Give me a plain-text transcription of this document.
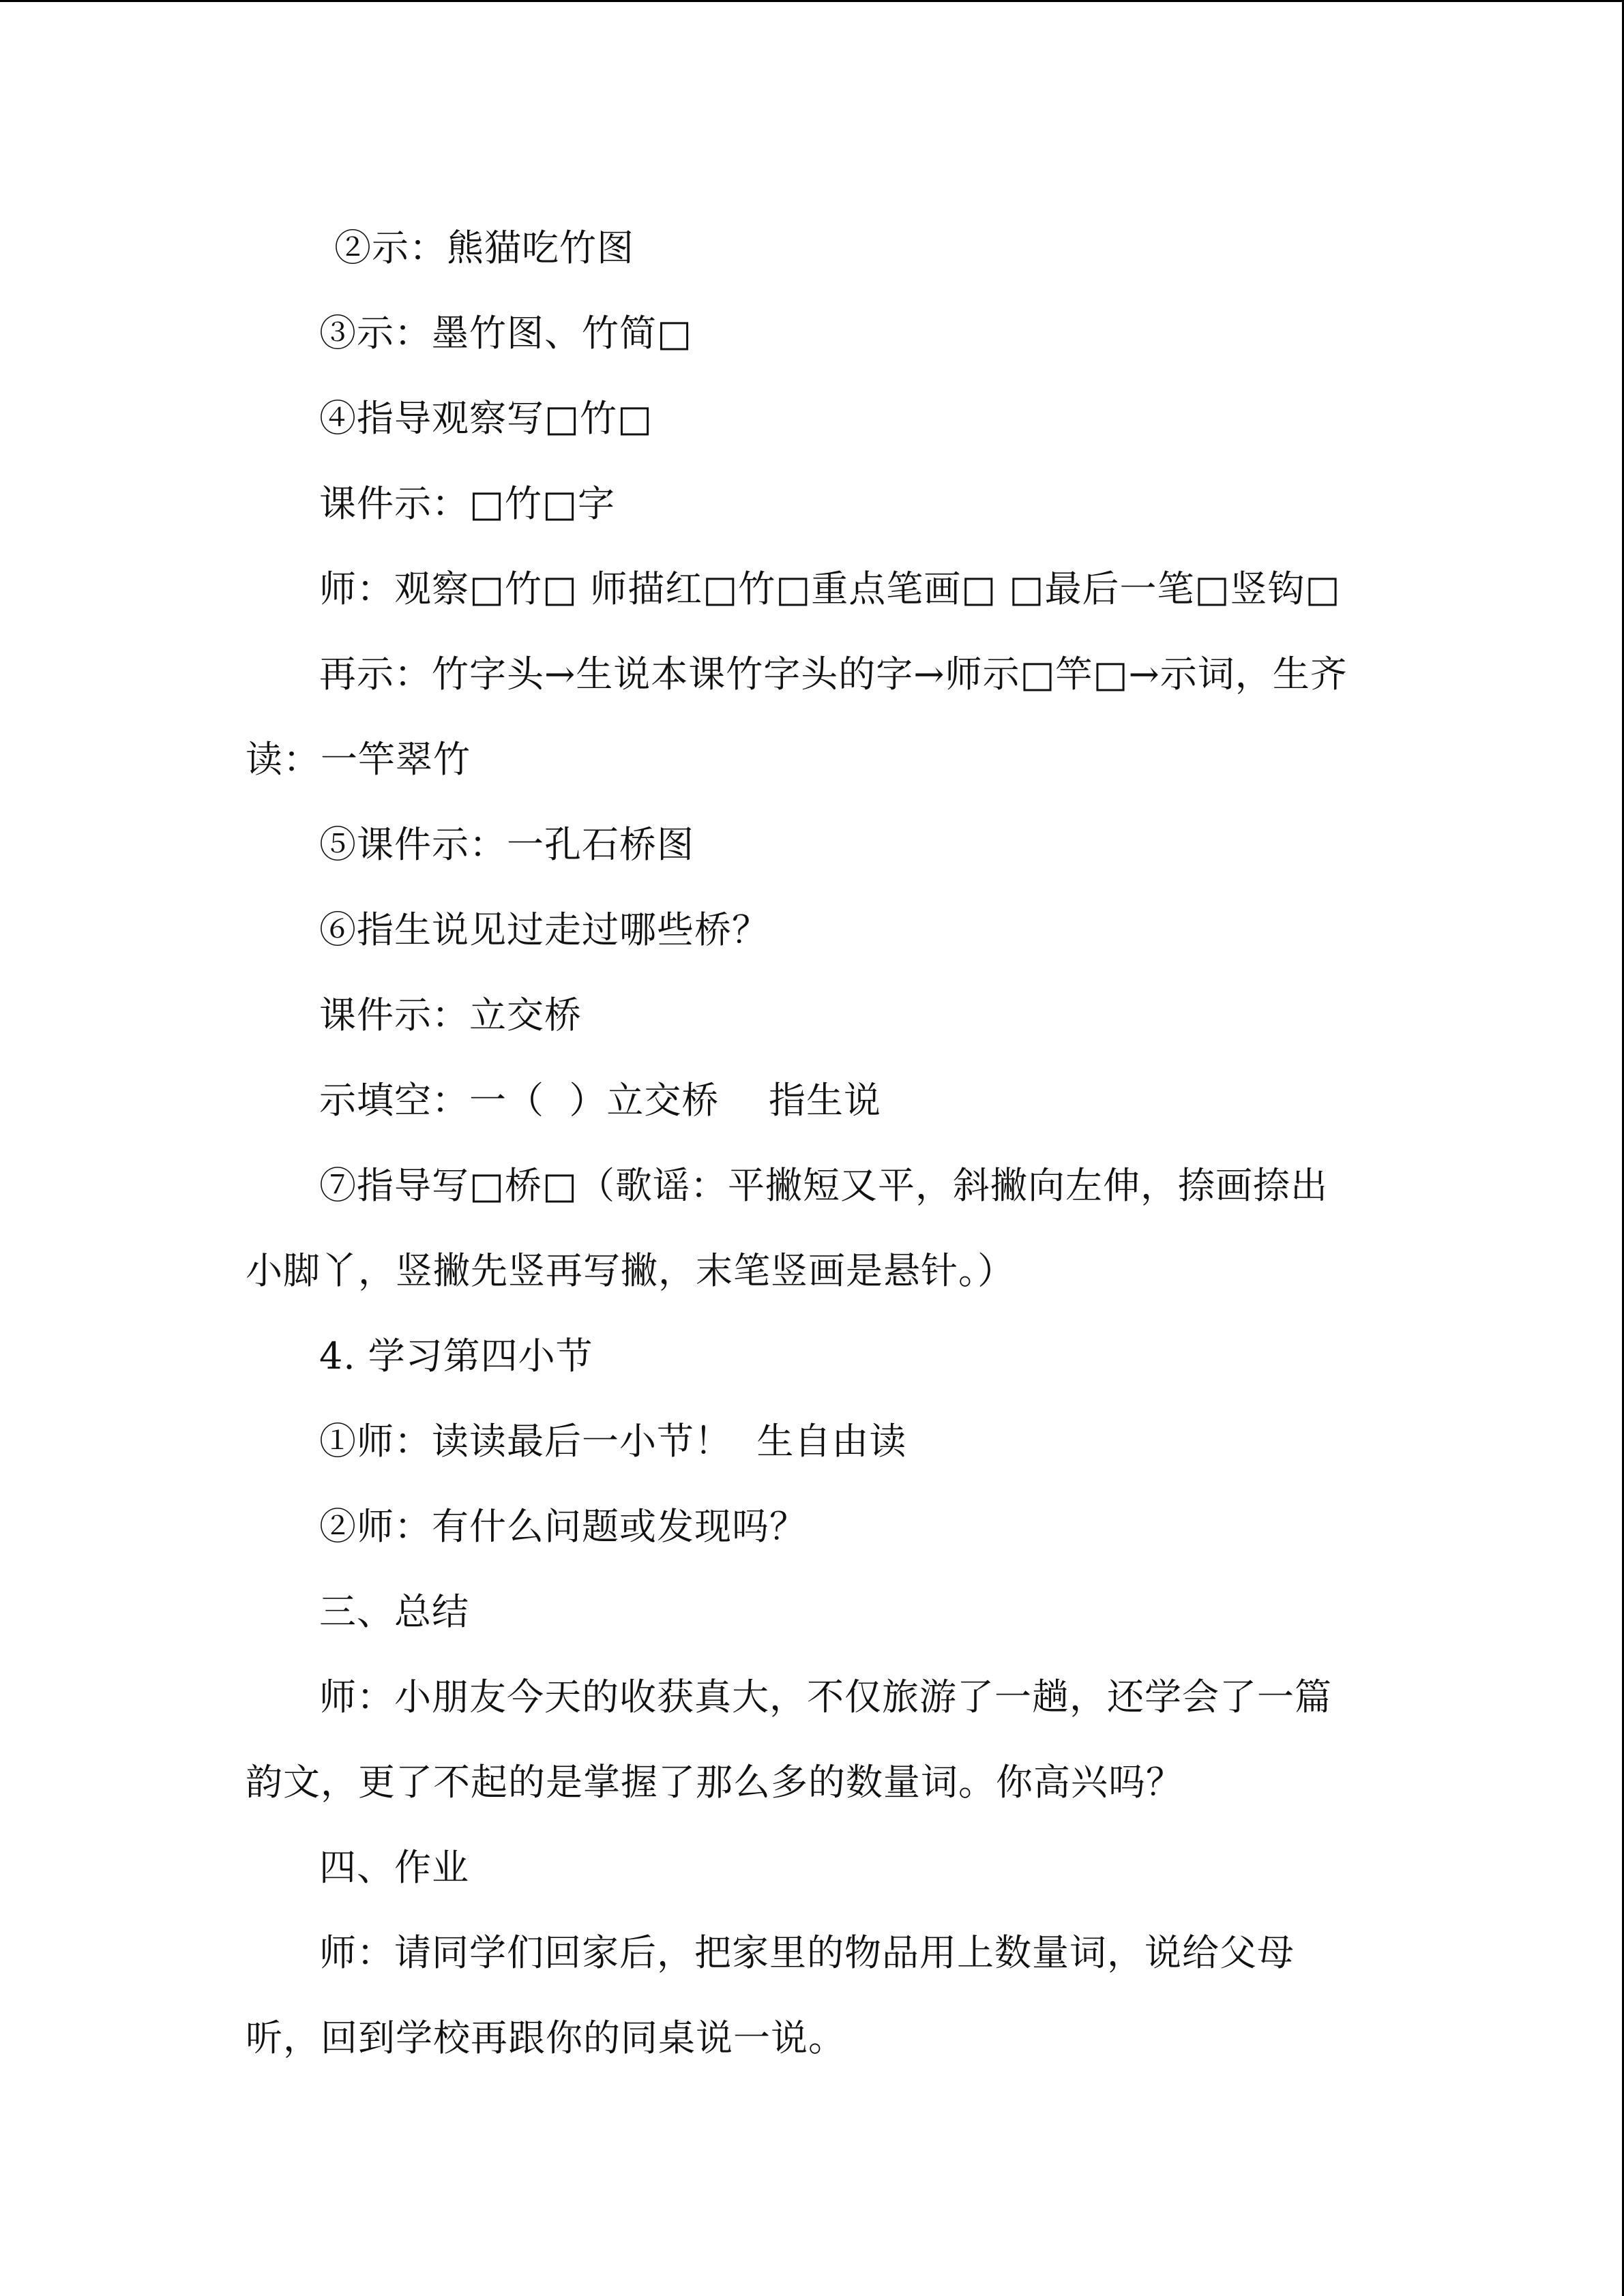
②示：熊猫吃竹图

③示：墨竹图、竹简□

④指导观察写□竹□

课件示：□竹□字

师：观察□竹□ 师描红□竹□重点笔画□ □最后一笔□竖钩□

再示：竹字头→生说本课竹字头的字→师示□竿□→示词，生齐读：一竿翠竹

⑤课件示：一孔石桥图

⑥指生说见过走过哪些桥？

课件示：立交桥

示填空：一（  ）立交桥    指生说

⑦指导写□桥□（歌谣：平撇短又平，斜撇向左伸，捺画捺出小脚丫，竖撇先竖再写撇，末笔竖画是悬针。）

4. 学习第四小节

①师：读读最后一小节！  生自由读

②师：有什么问题或发现吗？

三、总结

师：小朋友今天的收获真大，不仅旅游了一趟，还学会了一篇韵文，更了不起的是掌握了那么多的数量词。你高兴吗？

四、作业

师：请同学们回家后，把家里的物品用上数量词，说给父母听，回到学校再跟你的同桌说一说。
